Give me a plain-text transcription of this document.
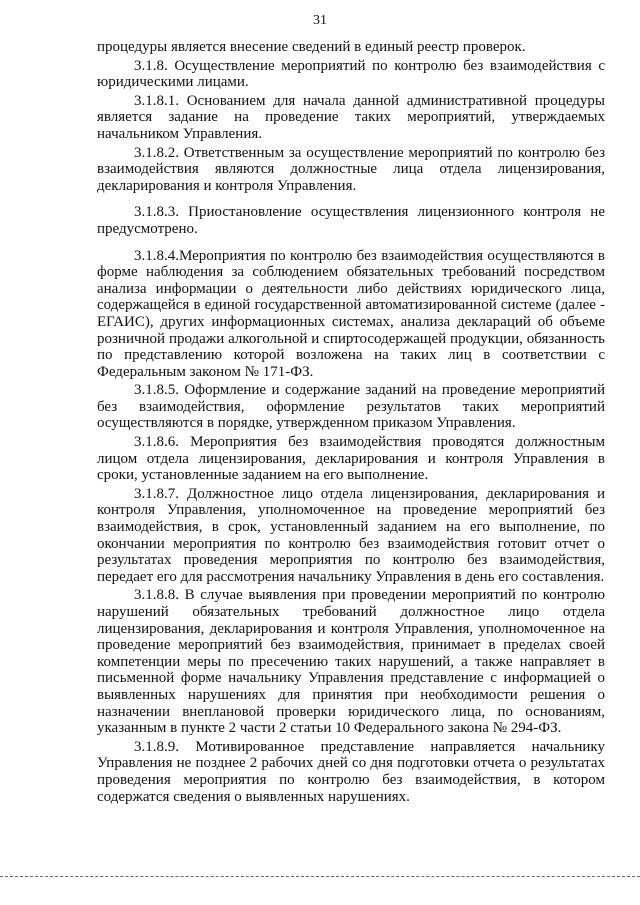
31

процедуры является внесение сведений в единый реестр проверок.

3.1.8. Осуществление мероприятий по контролю без взаимодействия с юридическими лицами.

3.1.8.1. Основанием для начала данной административной процедуры является задание на проведение таких мероприятий, утверждаемых начальником Управления.

3.1.8.2. Ответственным за осуществление мероприятий по контролю без взаимодействия являются должностные лица отдела лицензирования, декларирования и контроля Управления.

3.1.8.3. Приостановление осуществления лицензионного контроля не предусмотрено.

3.1.8.4.Мероприятия по контролю без взаимодействия осуществляются в форме наблюдения за соблюдением обязательных требований посредством анализа информации о деятельности либо действиях юридического лица, содержащейся в единой государственной автоматизированной системе (далее - ЕГАИС), других информационных системах, анализа деклараций об объеме розничной продажи алкогольной и спиртосодержащей продукции, обязанность по представлению которой возложена на таких лиц в соответствии с Федеральным законом № 171-ФЗ.

3.1.8.5. Оформление и содержание заданий на проведение мероприятий без взаимодействия, оформление результатов таких мероприятий осуществляются в порядке, утвержденном приказом Управления.

3.1.8.6. Мероприятия без взаимодействия проводятся должностным лицом отдела лицензирования, декларирования и контроля Управления в сроки, установленные заданием на его выполнение.

3.1.8.7. Должностное лицо отдела лицензирования, декларирования и контроля Управления, уполномоченное на проведение мероприятий без взаимодействия, в срок, установленный заданием на его выполнение, по окончании мероприятия по контролю без взаимодействия готовит отчет о результатах проведения мероприятия по контролю без взаимодействия, передает его для рассмотрения начальнику Управления в день его составления.

3.1.8.8. В случае выявления при проведении мероприятий по контролю нарушений обязательных требований должностное лицо отдела лицензирования, декларирования и контроля Управления, уполномоченное на проведение мероприятий без взаимодействия, принимает в пределах своей компетенции меры по пресечению таких нарушений, а также направляет в письменной форме начальнику Управления представление с информацией о выявленных нарушениях для принятия при необходимости решения о назначении внеплановой проверки юридического лица, по основаниям, указанным в пункте 2 части 2 статьи 10 Федерального закона № 294-ФЗ.

3.1.8.9. Мотивированное представление направляется начальнику Управления не позднее 2 рабочих дней со дня подготовки отчета о результатах проведения мероприятия по контролю без взаимодействия, в котором содержатся сведения о выявленных нарушениях.
